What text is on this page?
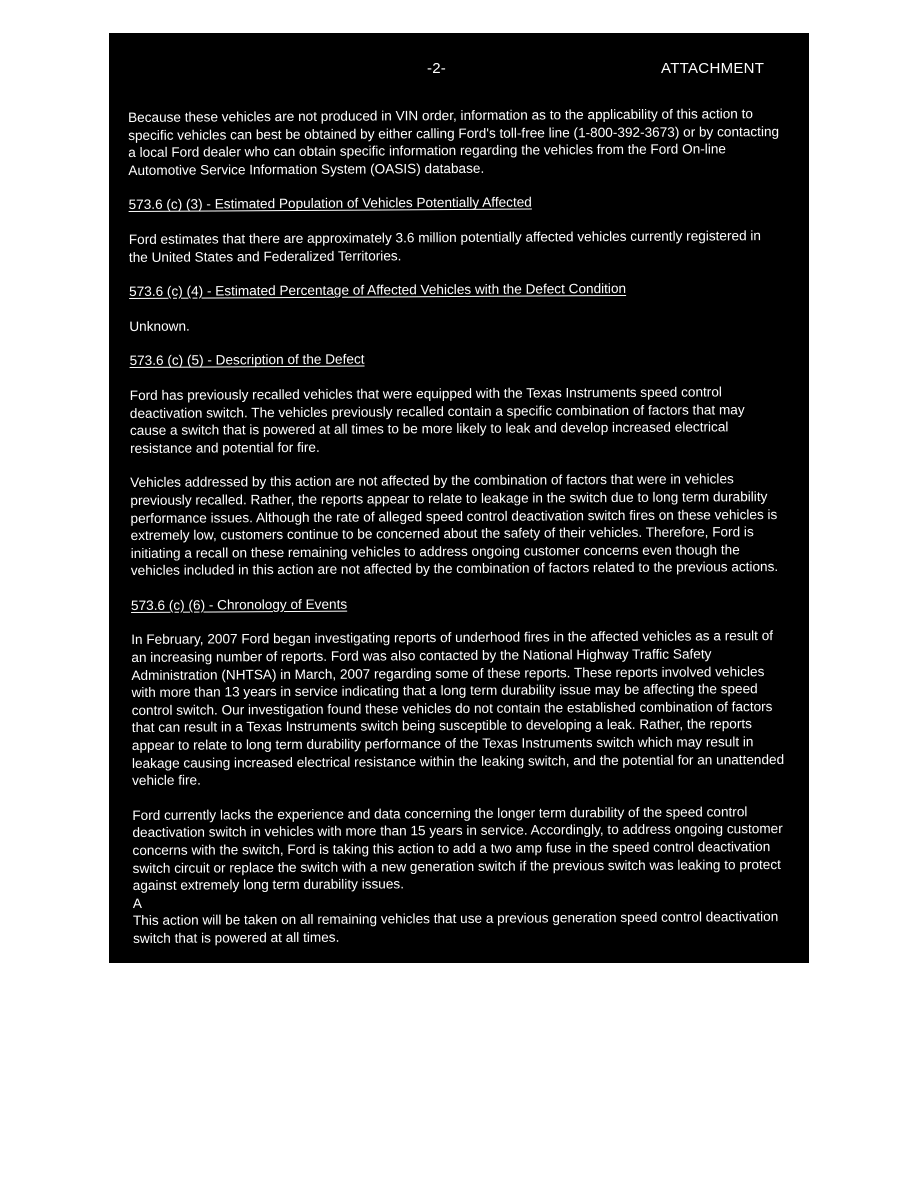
-2-	ATTACHMENT

Because these vehicles are not produced in VIN order, information as to the applicability of this action to specific vehicles can best be obtained by either calling Ford's toll-free line (1-800-392-3673) or by contacting a local Ford dealer who can obtain specific information regarding the vehicles from the Ford On-line Automotive Service Information System (OASIS) database.

573.6 (c) (3) - Estimated Population of Vehicles Potentially Affected

Ford estimates that there are approximately 3.6 million potentially affected vehicles currently registered in the United States and Federalized Territories.

573.6 (c) (4) - Estimated Percentage of Affected Vehicles with the Defect Condition

Unknown.

573.6 (c) (5) - Description of the Defect

Ford has previously recalled vehicles that were equipped with the Texas Instruments speed control deactivation switch. The vehicles previously recalled contain a specific combination of factors that may cause a switch that is powered at all times to be more likely to leak and develop increased electrical resistance and potential for fire.

Vehicles addressed by this action are not affected by the combination of factors that were in vehicles previously recalled. Rather, the reports appear to relate to leakage in the switch due to long term durability performance issues. Although the rate of alleged speed control deactivation switch fires on these vehicles is extremely low, customers continue to be concerned about the safety of their vehicles. Therefore, Ford is initiating a recall on these remaining vehicles to address ongoing customer concerns even though the vehicles included in this action are not affected by the combination of factors related to the previous actions.

573.6 (c) (6) - Chronology of Events

In February, 2007 Ford began investigating reports of underhood fires in the affected vehicles as a result of an increasing number of reports. Ford was also contacted by the National Highway Traffic Safety Administration (NHTSA) in March, 2007 regarding some of these reports. These reports involved vehicles with more than 13 years in service indicating that a long term durability issue may be affecting the speed control switch. Our investigation found these vehicles do not contain the established combination of factors that can result in a Texas Instruments switch being susceptible to developing a leak. Rather, the reports appear to relate to long term durability performance of the Texas Instruments switch which may result in leakage causing increased electrical resistance within the leaking switch, and the potential for an unattended vehicle fire.

Ford currently lacks the experience and data concerning the longer term durability of the speed control deactivation switch in vehicles with more than 15 years in service. Accordingly, to address ongoing customer concerns with the switch, Ford is taking this action to add a two amp fuse in the speed control deactivation switch circuit or replace the switch with a new generation switch if the previous switch was leaking to protect against extremely long term durability issues.

A

This action will be taken on all remaining vehicles that use a previous generation speed control deactivation switch that is powered at all times.
